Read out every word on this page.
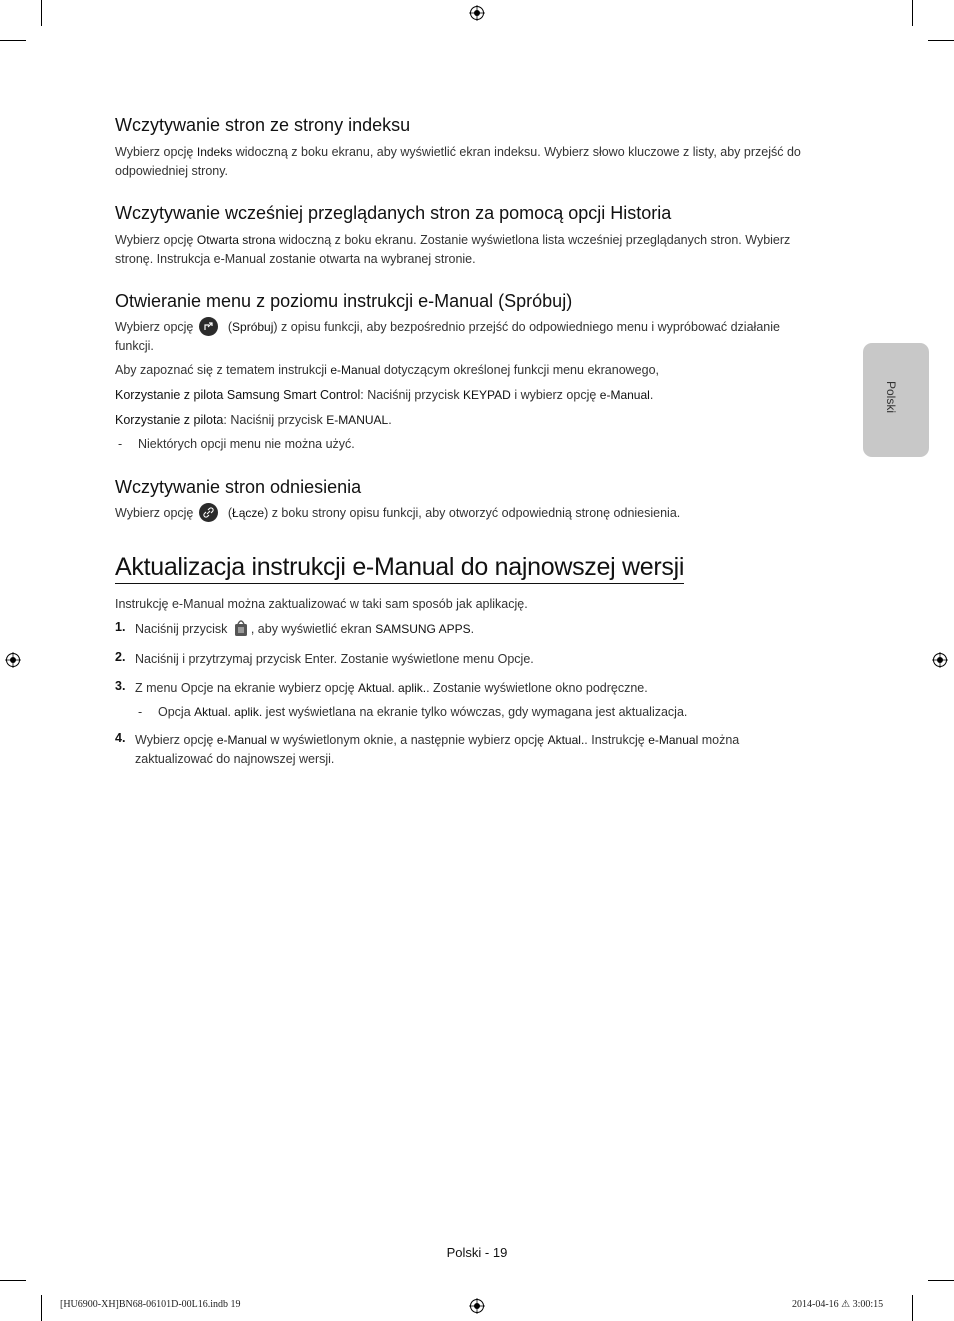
Polski
Wczytywanie stron ze strony indeksu

Wybierz opcję Indeks widoczną z boku ekranu, aby wyświetlić ekran indeksu. Wybierz słowo kluczowe z listy, aby przejść do
odpowiedniej strony.

Wczytywanie wcześniej przeglądanych stron za pomocą opcji Historia

Wybierz opcję Otwarta strona widoczną z boku ekranu. Zostanie wyświetlona lista wcześniej przeglądanych stron. Wybierz
stronę. Instrukcja e-Manual zostanie otwarta na wybranej stronie.

Otwieranie menu z poziomu instrukcji e-Manual (Spróbuj)

Wybierz opcję
(Spróbuj) z opisu funkcji, aby bezpośrednio przejść do odpowiedniego menu i wypróbować działanie
funkcji.

Aby zapoznać się z tematem instrukcji e-Manual dotyczącym określonej funkcji menu ekranowego,

Korzystanie z pilota Samsung Smart Control: Naciśnij przycisk KEYPAD i wybierz opcję e-Manual.

Korzystanie z pilota: Naciśnij przycisk E-MANUAL.

- Niektórych opcji menu nie można użyć.

Wczytywanie stron odniesienia

Wybierz opcję
(Łącze) z boku strony opisu funkcji, aby otworzyć odpowiednią stronę odniesienia.

Aktualizacja instrukcji e-Manual do najnowszej wersji

Instrukcję e-Manual można zaktualizować w taki sam sposób jak aplikację.

1. Naciśnij przycisk , aby wyświetlić ekran SAMSUNG APPS.

2. Naciśnij i przytrzymaj przycisk Enter. Zostanie wyświetlone menu Opcje.

3. Z menu Opcje na ekranie wybierz opcję Aktual. aplik.. Zostanie wyświetlone okno podręczne.

- Opcja Aktual. aplik. jest wyświetlana na ekranie tylko wówczas, gdy wymagana jest aktualizacja.

4. Wybierz opcję e-Manual w wyświetlonym oknie, a następnie wybierz opcję Aktual.. Instrukcję e-Manual można
zaktualizować do najnowszej wersji.

Polski - 19
[HU6900-XH]BN68-06101D-00L16.indb 19	2014-04-16 ⚠ 3:00:15
